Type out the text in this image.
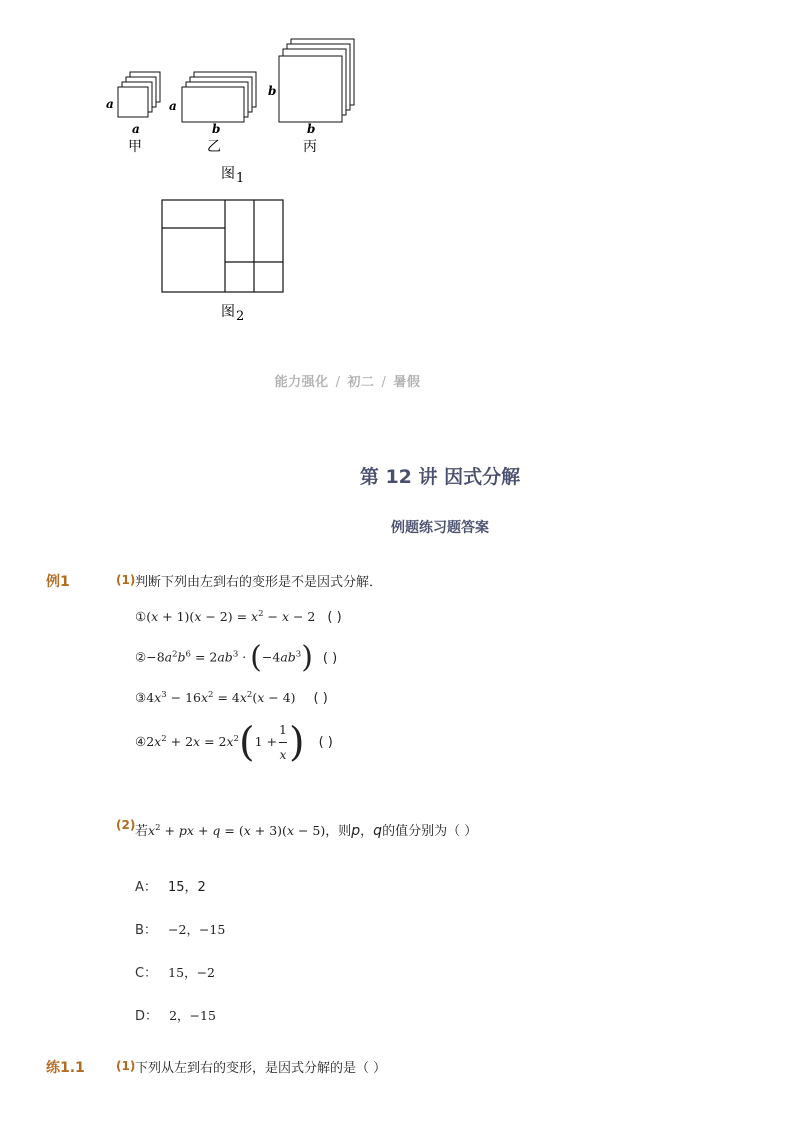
a
a
甲
a
b
乙
b
b
丙
图 1
图 2
能力强化 / 初二 / 暑假
第 12 讲 因式分解
例题练习题答案
例1	(1) 判断下列由左到右的变形是不是因式分解．
①(x + $1)(x - 2) = x^2 - x - 2$ ( )
$②-8a^2b^6 = 2ab^3 \cdot (-4ab^3)$ ( )
$③4x^3 - 16x^2 = 4x^2(x - 4)$ ( )
$④2x^2 + 2x = 2x^2(1 + \frac{1}{x}$ ) ( )
(2) 若$x^2$ + px + q = (x + 3)(x − 5)，则p，q的值分别为（ ）
A： 15，2
B： −2，−15
C： 15，−2
D： 2，−15
练1.1	(1) 下列从左到右的变形，是因式分解的是（ ）
